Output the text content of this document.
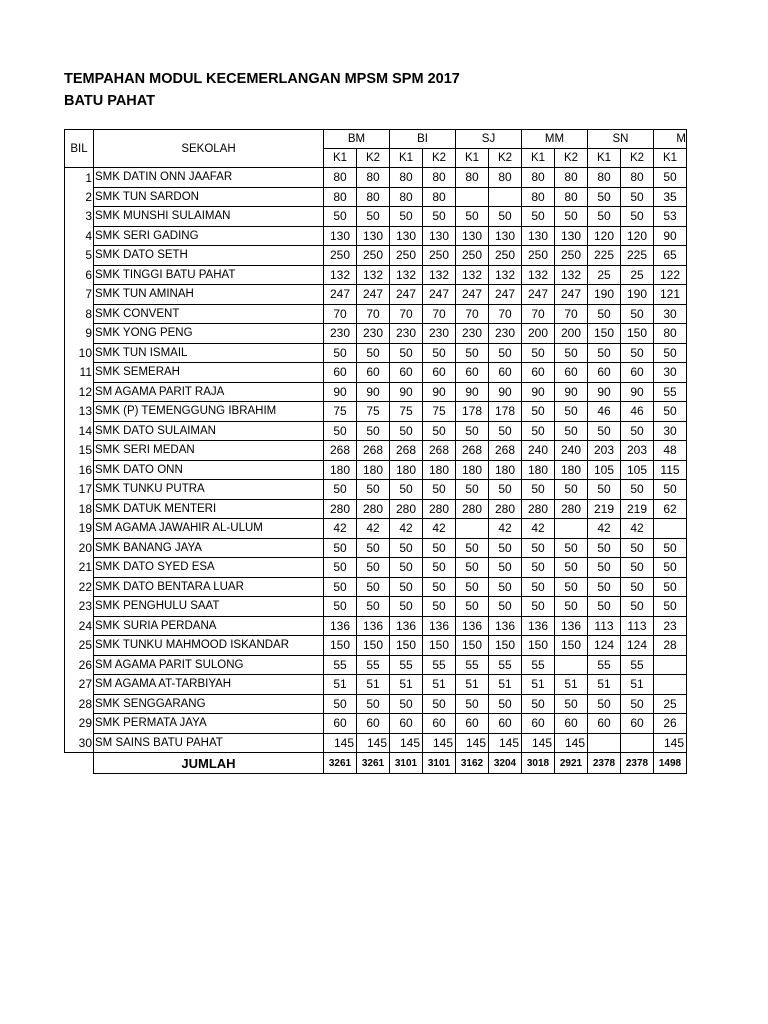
TEMPAHAN MODUL KECEMERLANGAN MPSM SPM 2017
BATU PAHAT
BIL	SEKOLAH	BM		BI		SJ		MM		SN		M
		K1	K2	K1	K2	K1	K2	K1	K2	K1	K2	K1
1	SMK DATIN ONN JAAFAR	80	80	80	80	80	80	80	80	80	80	50
2	SMK TUN SARDON	80	80	80	80			80	80	50	50	35
3	SMK MUNSHI SULAIMAN	50	50	50	50	50	50	50	50	50	50	53
4	SMK SERI GADING	130	130	130	130	130	130	130	130	120	120	90
5	SMK DATO SETH	250	250	250	250	250	250	250	250	225	225	65
6	SMK TINGGI BATU PAHAT	132	132	132	132	132	132	132	132	25	25	122
7	SMK TUN AMINAH	247	247	247	247	247	247	247	247	190	190	121
8	SMK CONVENT	70	70	70	70	70	70	70	70	50	50	30
9	SMK YONG PENG	230	230	230	230	230	230	200	200	150	150	80
10	SMK TUN ISMAIL	50	50	50	50	50	50	50	50	50	50	50
11	SMK SEMERAH	60	60	60	60	60	60	60	60	60	60	30
12	SM AGAMA PARIT RAJA	90	90	90	90	90	90	90	90	90	90	55
13	SMK (P) TEMENGGUNG IBRAHIM	75	75	75	75	178	178	50	50	46	46	50
14	SMK DATO SULAIMAN	50	50	50	50	50	50	50	50	50	50	30
15	SMK SERI MEDAN	268	268	268	268	268	268	240	240	203	203	48
16	SMK DATO ONN	180	180	180	180	180	180	180	180	105	105	115
17	SMK TUNKU PUTRA	50	50	50	50	50	50	50	50	50	50	50
18	SMK DATUK MENTERI	280	280	280	280	280	280	280	280	219	219	62
19	SM AGAMA JAWAHIR AL-ULUM	42	42	42	42		42	42		42	42	
20	SMK BANANG JAYA	50	50	50	50	50	50	50	50	50	50	50
21	SMK DATO SYED ESA	50	50	50	50	50	50	50	50	50	50	50
22	SMK DATO BENTARA LUAR	50	50	50	50	50	50	50	50	50	50	50
23	SMK PENGHULU SAAT	50	50	50	50	50	50	50	50	50	50	50
24	SMK SURIA PERDANA	136	136	136	136	136	136	136	136	113	113	23
25	SMK TUNKU MAHMOOD ISKANDAR	150	150	150	150	150	150	150	150	124	124	28
26	SM AGAMA PARIT SULONG	55	55	55	55	55	55	55		55	55	
27	SM AGAMA AT-TARBIYAH	51	51	51	51	51	51	51	51	51	51	
28	SMK SENGGARANG	50	50	50	50	50	50	50	50	50	50	25
29	SMK PERMATA JAYA	60	60	60	60	60	60	60	60	60	60	26
30	SM SAINS BATU PAHAT	145	145	145	145	145	145	145	145			145
	JUMLAH	3261	3261	3101	3101	3162	3204	3018	2921	2378	2378	1498
